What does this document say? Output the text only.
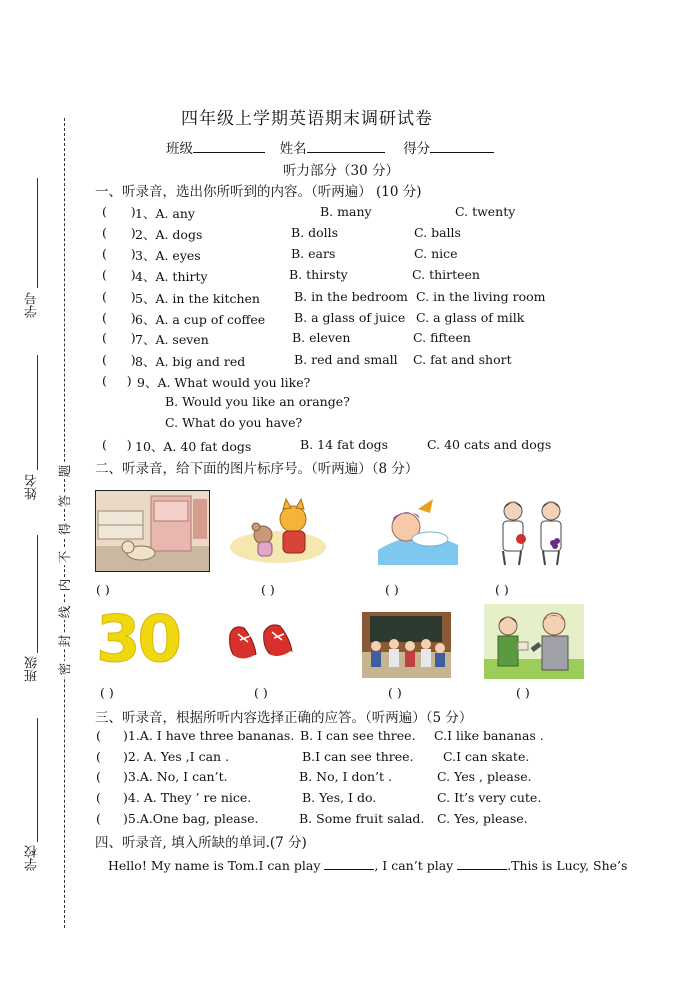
学号
姓名
班级
学校
题
答
得
不
内
线
封
密
四年级上学期英语期末调研试卷
班级	姓名	得分
听力部分（30 分）
一、听录音，选出你所听到的内容。（听两遍） (10 分)
(      ) 1、A. any	B. many	C. twenty
(      ) 2、A. dogs	B. dolls	C. balls
(      ) 3、A. eyes	B. ears	C. nice
(      ) 4、A. thirty	B. thirsty	C. thirteen
(      ) 5、A. in the kitchen	B. in the bedroom C. in the living room
(      ) 6、A. a cup of coffee B. a glass of juice C. a glass of milk
(      ) 7、A. seven	B. eleven	C. fifteen
(      ) 8、A. big and red	B. red and small C. fat and short
(     ) 9、A. What would you like?
B. Would you like an orange?
C. What do you have?
(     ) 10、A. 40 fat dogs	B. 14 fat dogs	C. 40 cats and dogs
二、听录音，给下面的图片标序号。（听两遍）（8 分）
( )	( )	( )	( )
30
( )	( )	( )	( )
三、听录音，根据所听内容选择正确的应答。（听两遍）（5 分）
( )1.A. I have three bananas. B. I can see three. C.I like bananas .
( )2. A. Yes ,I can .	B.I can see three. C.I can skate.
( )3.A. No, I can’t.	B. No, I don’t .	C. Yes , please.
( )4. A. They ’ re nice.	B. Yes, I do.	C. It’s very cute.
( )5.A.One bag, please.	B. Some fruit salad. C. Yes, please.
四、听录音, 填入所缺的单词.(7 分)
Hello! My name is Tom.I can play	, I can’t play	.This is Lucy, She’s
